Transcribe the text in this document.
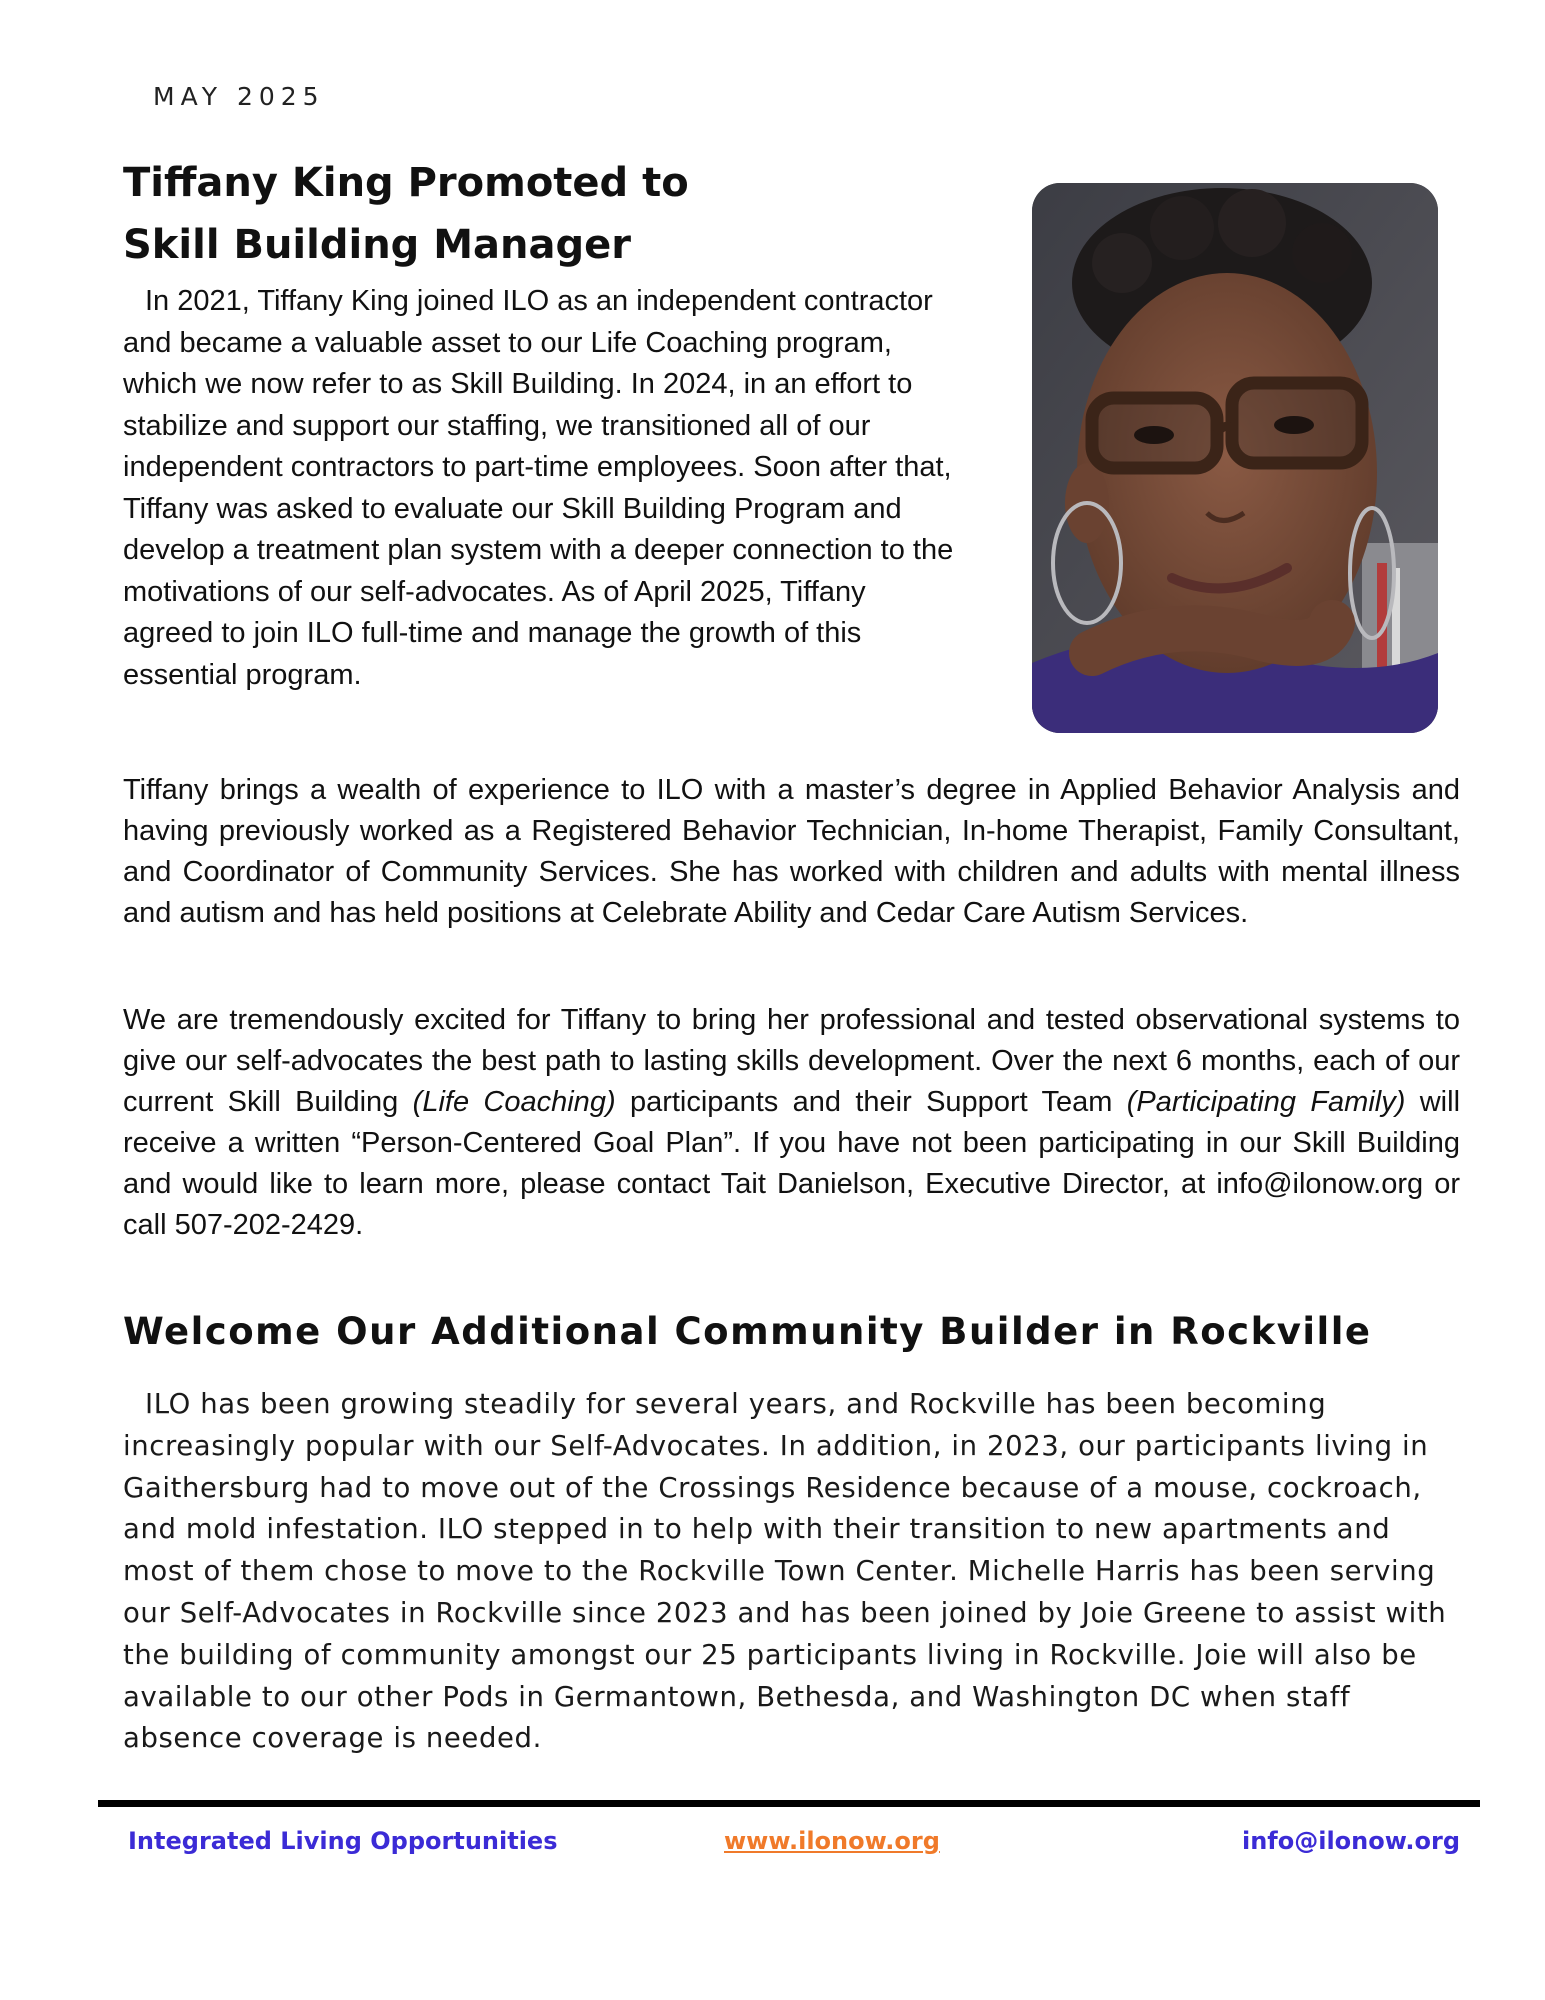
MAY 2025
Tiffany King Promoted to
Skill Building Manager

In 2021, Tiffany King joined ILO as an independent contractor and became a valuable asset to our Life Coaching program, which we now refer to as Skill Building. In 2024, in an effort to stabilize and support our staffing, we transitioned all of our independent contractors to part-time employees. Soon after that, Tiffany was asked to evaluate our Skill Building Program and develop a treatment plan system with a deeper connection to the motivations of our self-advocates. As of April 2025, Tiffany agreed to join ILO full-time and manage the growth of this essential program.

Tiffany brings a wealth of experience to ILO with a master’s degree in Applied Behavior Analysis and having previously worked as a Registered Behavior Technician, In-home Therapist, Family Consultant, and Coordinator of Community Services. She has worked with children and adults with mental illness and autism and has held positions at Celebrate Ability and Cedar Care Autism Services.

We are tremendously excited for Tiffany to bring her professional and tested observational systems to give our self-advocates the best path to lasting skills development. Over the next 6 months, each of our current Skill Building (Life Coaching) participants and their Support Team (Participating Family) will receive a written “Person-Centered Goal Plan”. If you have not been participating in our Skill Building and would like to learn more, please contact Tait Danielson, Executive Director, at info@ilonow.org or call 507-202-2429.

Welcome Our Additional Community Builder in Rockville

ILO has been growing steadily for several years, and Rockville has been becoming increasingly popular with our Self-Advocates. In addition, in 2023, our participants living in Gaithersburg had to move out of the Crossings Residence because of a mouse, cockroach, and mold infestation. ILO stepped in to help with their transition to new apartments and most of them chose to move to the Rockville Town Center. Michelle Harris has been serving our Self-Advocates in Rockville since 2023 and has been joined by Joie Greene to assist with the building of community amongst our 25 participants living in Rockville. Joie will also be available to our other Pods in Germantown, Bethesda, and Washington DC when staff absence coverage is needed.

Integrated Living Opportunities	www.ilonow.org	info@ilonow.org
